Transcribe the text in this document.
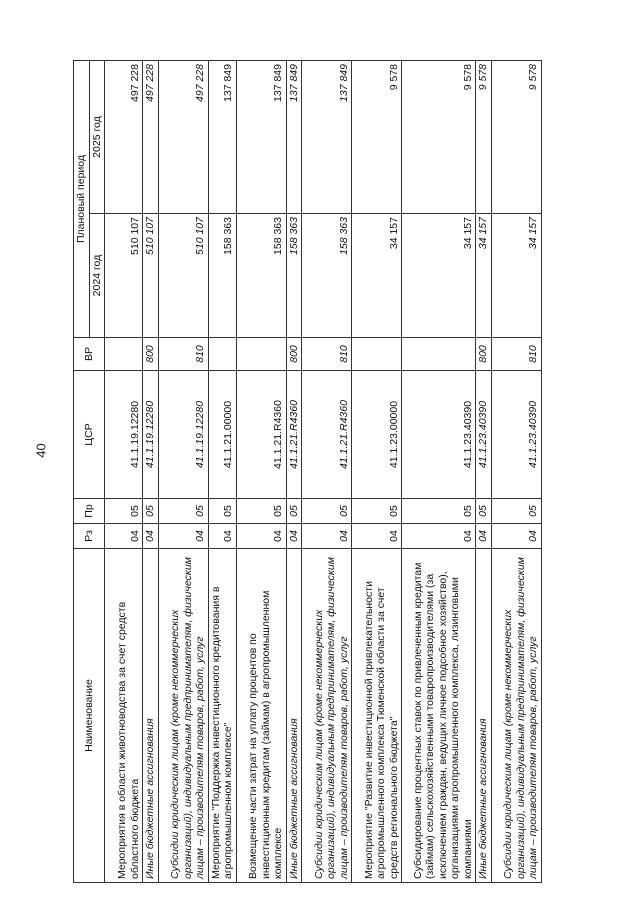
40
Наименование	Рз	Пр	ЦСР	ВР	Плановый период	
					2024 год	2025 год
Мероприятия в области животноводства за счет средств областного бюджета	04	05	41.1.19.12280		510 107	497 228
Иные бюджетные ассигнования	04	05	41.1.19.12280	800	510 107	497 228
Субсидии юридическим лицам (кроме некоммерческих организаций), индивидуальным предпринимателям, физическим лицам – производителям товаров, работ, услуг	04	05	41.1.19.12280	810	510 107	497 228
Мероприятие "Поддержка инвестиционного кредитования в агропромышленном комплексе"	04	05	41.1.21.00000		158 363	137 849
Возмещение части затрат на уплату процентов по инвестиционным кредитам (займам) в агропромышленном комплексе	04	05	41.1.21.R4360		158 363	137 849
Иные бюджетные ассигнования	04	05	41.1.21.R4360	800	158 363	137 849
Субсидии юридическим лицам (кроме некоммерческих организаций), индивидуальным предпринимателям, физическим лицам – производителям товаров, работ, услуг	04	05	41.1.21.R4360	810	158 363	137 849
Мероприятие "Развитие инвестиционной привлекательности агропромышленного комплекса Тюменской области за счет средств регионального бюджета"	04	05	41.1.23.00000		34 157	9 578
Субсидирование процентных ставок по привлеченным кредитам (займам) сельскохозяйственными товаропроизводителями (за исключением граждан, ведущих личное подсобное хозяйство), организациями агропромышленного комплекса, лизинговыми компаниями	04	05	41.1.23.40390		34 157	9 578
Иные бюджетные ассигнования	04	05	41.1.23.40390	800	34 157	9 578
Субсидии юридическим лицам (кроме некоммерческих организаций), индивидуальным предпринимателям, физическим лицам – производителям товаров, работ, услуг	04	05	41.1.23.40390	810	34 157	9 578
